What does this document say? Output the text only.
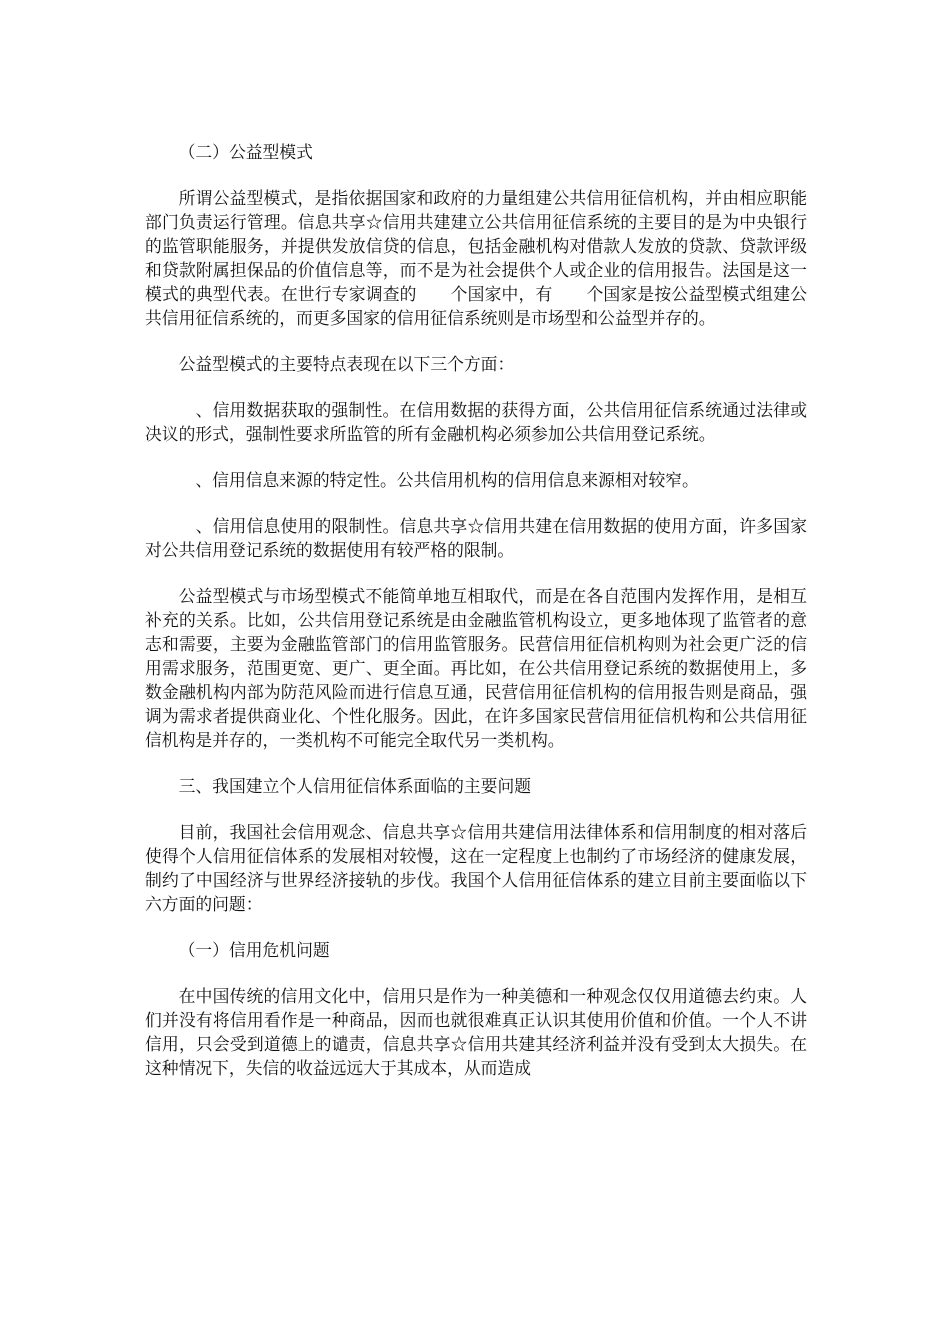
（二）公益型模式

所谓公益型模式，是指依据国家和政府的力量组建公共信用征信机构，并由相应职能部门负责运行管理。信息共享☆信用共建建立公共信用征信系统的主要目的是为中央银行的监管职能服务，并提供发放信贷的信息，包括金融机构对借款人发放的贷款、贷款评级和贷款附属担保品的价值信息等，而不是为社会提供个人或企业的信用报告。法国是这一模式的典型代表。在世行专家调查的　　个国家中，有　　个国家是按公益型模式组建公共信用征信系统的，而更多国家的信用征信系统则是市场型和公益型并存的。

公益型模式的主要特点表现在以下三个方面：

　、信用数据获取的强制性。在信用数据的获得方面，公共信用征信系统通过法律或决议的形式，强制性要求所监管的所有金融机构必须参加公共信用登记系统。

　、信用信息来源的特定性。公共信用机构的信用信息来源相对较窄。

　、信用信息使用的限制性。信息共享☆信用共建在信用数据的使用方面，许多国家对公共信用登记系统的数据使用有较严格的限制。

公益型模式与市场型模式不能简单地互相取代，而是在各自范围内发挥作用，是相互补充的关系。比如，公共信用登记系统是由金融监管机构设立，更多地体现了监管者的意志和需要，主要为金融监管部门的信用监管服务。民营信用征信机构则为社会更广泛的信用需求服务，范围更宽、更广、更全面。再比如，在公共信用登记系统的数据使用上，多数金融机构内部为防范风险而进行信息互通，民营信用征信机构的信用报告则是商品，强调为需求者提供商业化、个性化服务。因此，在许多国家民营信用征信机构和公共信用征信机构是并存的，一类机构不可能完全取代另一类机构。

三、我国建立个人信用征信体系面临的主要问题

目前，我国社会信用观念、信息共享☆信用共建信用法律体系和信用制度的相对落后使得个人信用征信体系的发展相对较慢，这在一定程度上也制约了市场经济的健康发展，制约了中国经济与世界经济接轨的步伐。我国个人信用征信体系的建立目前主要面临以下六方面的问题：

（一）信用危机问题

在中国传统的信用文化中，信用只是作为一种美德和一种观念仅仅用道德去约束。人们并没有将信用看作是一种商品，因而也就很难真正认识其使用价值和价值。一个人不讲信用，只会受到道德上的谴责，信息共享☆信用共建其经济利益并没有受到太大损失。在这种情况下，失信的收益远远大于其成本，从而造成
